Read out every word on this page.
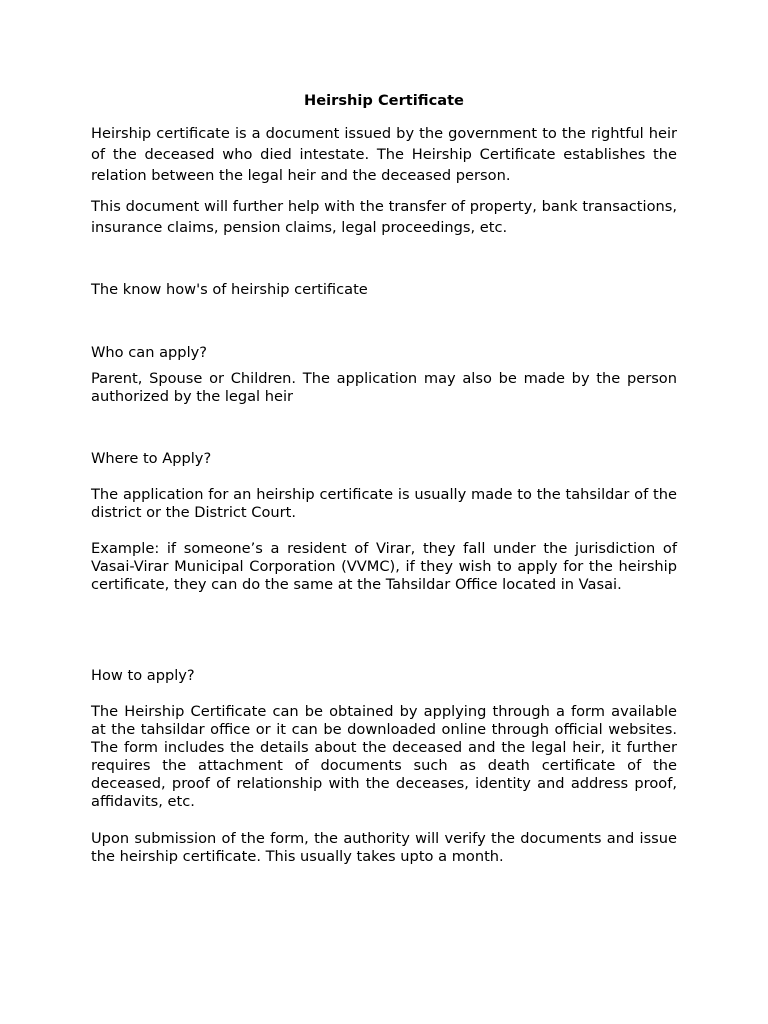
Heirship Certificate

Heirship certificate is a document issued by the government to the rightful heir of the deceased who died intestate. The Heirship Certificate establishes the relation between the legal heir and the deceased person.

This document will further help with the transfer of property, bank transactions, insurance claims, pension claims, legal proceedings, etc.

The know how's of heirship certificate

Who can apply?

Parent, Spouse or Children. The application may also be made by the person authorized by the legal heir

Where to Apply?

The application for an heirship certificate is usually made to the tahsildar of the district or the District Court.

Example: if someone’s a resident of Virar, they fall under the jurisdiction of Vasai-Virar Municipal Corporation (VVMC), if they wish to apply for the heirship certificate, they can do the same at the Tahsildar Office located in Vasai.

How to apply?

The Heirship Certificate can be obtained by applying through a form available at the tahsildar office or it can be downloaded online through official websites. The form includes the details about the deceased and the legal heir, it further requires the attachment of documents such as death certificate of the deceased, proof of relationship with the deceases, identity and address proof, affidavits, etc.

Upon submission of the form, the authority will verify the documents and issue the heirship certificate. This usually takes upto a month.
